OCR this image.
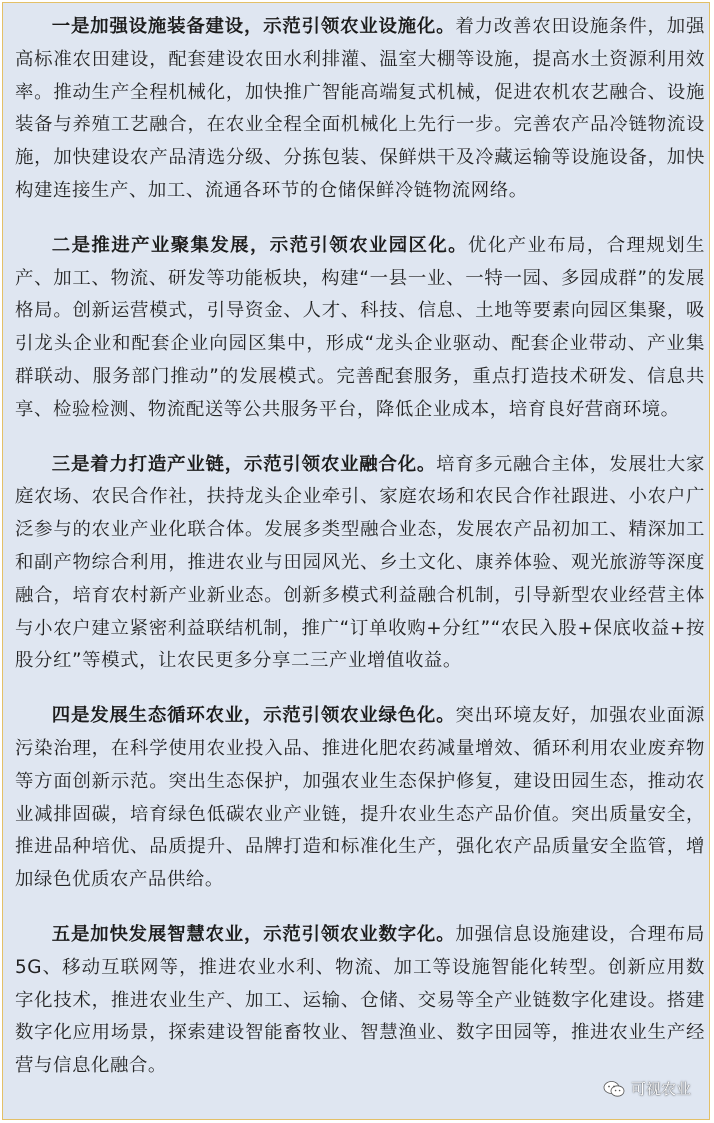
一是加强设施装备建设，示范引领农业设施化。着力改善农田设施条件，加强高标准农田建设，配套建设农田水利排灌、温室大棚等设施，提高水土资源利用效率。推动生产全程机械化，加快推广智能高端复式机械，促进农机农艺融合、设施装备与养殖工艺融合，在农业全程全面机械化上先行一步。完善农产品冷链物流设施，加快建设农产品清选分级、分拣包装、保鲜烘干及冷藏运输等设施设备，加快构建连接生产、加工、流通各环节的仓储保鲜冷链物流网络。

二是推进产业聚集发展，示范引领农业园区化。优化产业布局，合理规划生产、加工、物流、研发等功能板块，构建“一县一业、一特一园、多园成群”的发展格局。创新运营模式，引导资金、人才、科技、信息、土地等要素向园区集聚，吸引龙头企业和配套企业向园区集中，形成“龙头企业驱动、配套企业带动、产业集群联动、服务部门推动”的发展模式。完善配套服务，重点打造技术研发、信息共享、检验检测、物流配送等公共服务平台，降低企业成本，培育良好营商环境。

三是着力打造产业链，示范引领农业融合化。培育多元融合主体，发展壮大家庭农场、农民合作社，扶持龙头企业牵引、家庭农场和农民合作社跟进、小农户广泛参与的农业产业化联合体。发展多类型融合业态，发展农产品初加工、精深加工和副产物综合利用，推进农业与田园风光、乡土文化、康养体验、观光旅游等深度融合，培育农村新产业新业态。创新多模式利益融合机制，引导新型农业经营主体与小农户建立紧密利益联结机制，推广“订单收购+分红”“农民入股+保底收益+按股分红”等模式，让农民更多分享二三产业增值收益。

四是发展生态循环农业，示范引领农业绿色化。突出环境友好，加强农业面源污染治理，在科学使用农业投入品、推进化肥农药减量增效、循环利用农业废弃物等方面创新示范。突出生态保护，加强农业生态保护修复，建设田园生态，推动农业减排固碳，培育绿色低碳农业产业链，提升农业生态产品价值。突出质量安全，推进品种培优、品质提升、品牌打造和标准化生产，强化农产品质量安全监管，增加绿色优质农产品供给。

五是加快发展智慧农业，示范引领农业数字化。加强信息设施建设，合理布局5G、移动互联网等，推进农业水利、物流、加工等设施智能化转型。创新应用数字化技术，推进农业生产、加工、运输、仓储、交易等全产业链数字化建设。搭建数字化应用场景，探索建设智能畜牧业、智慧渔业、数字田园等，推进农业生产经营与信息化融合。

可视农业
